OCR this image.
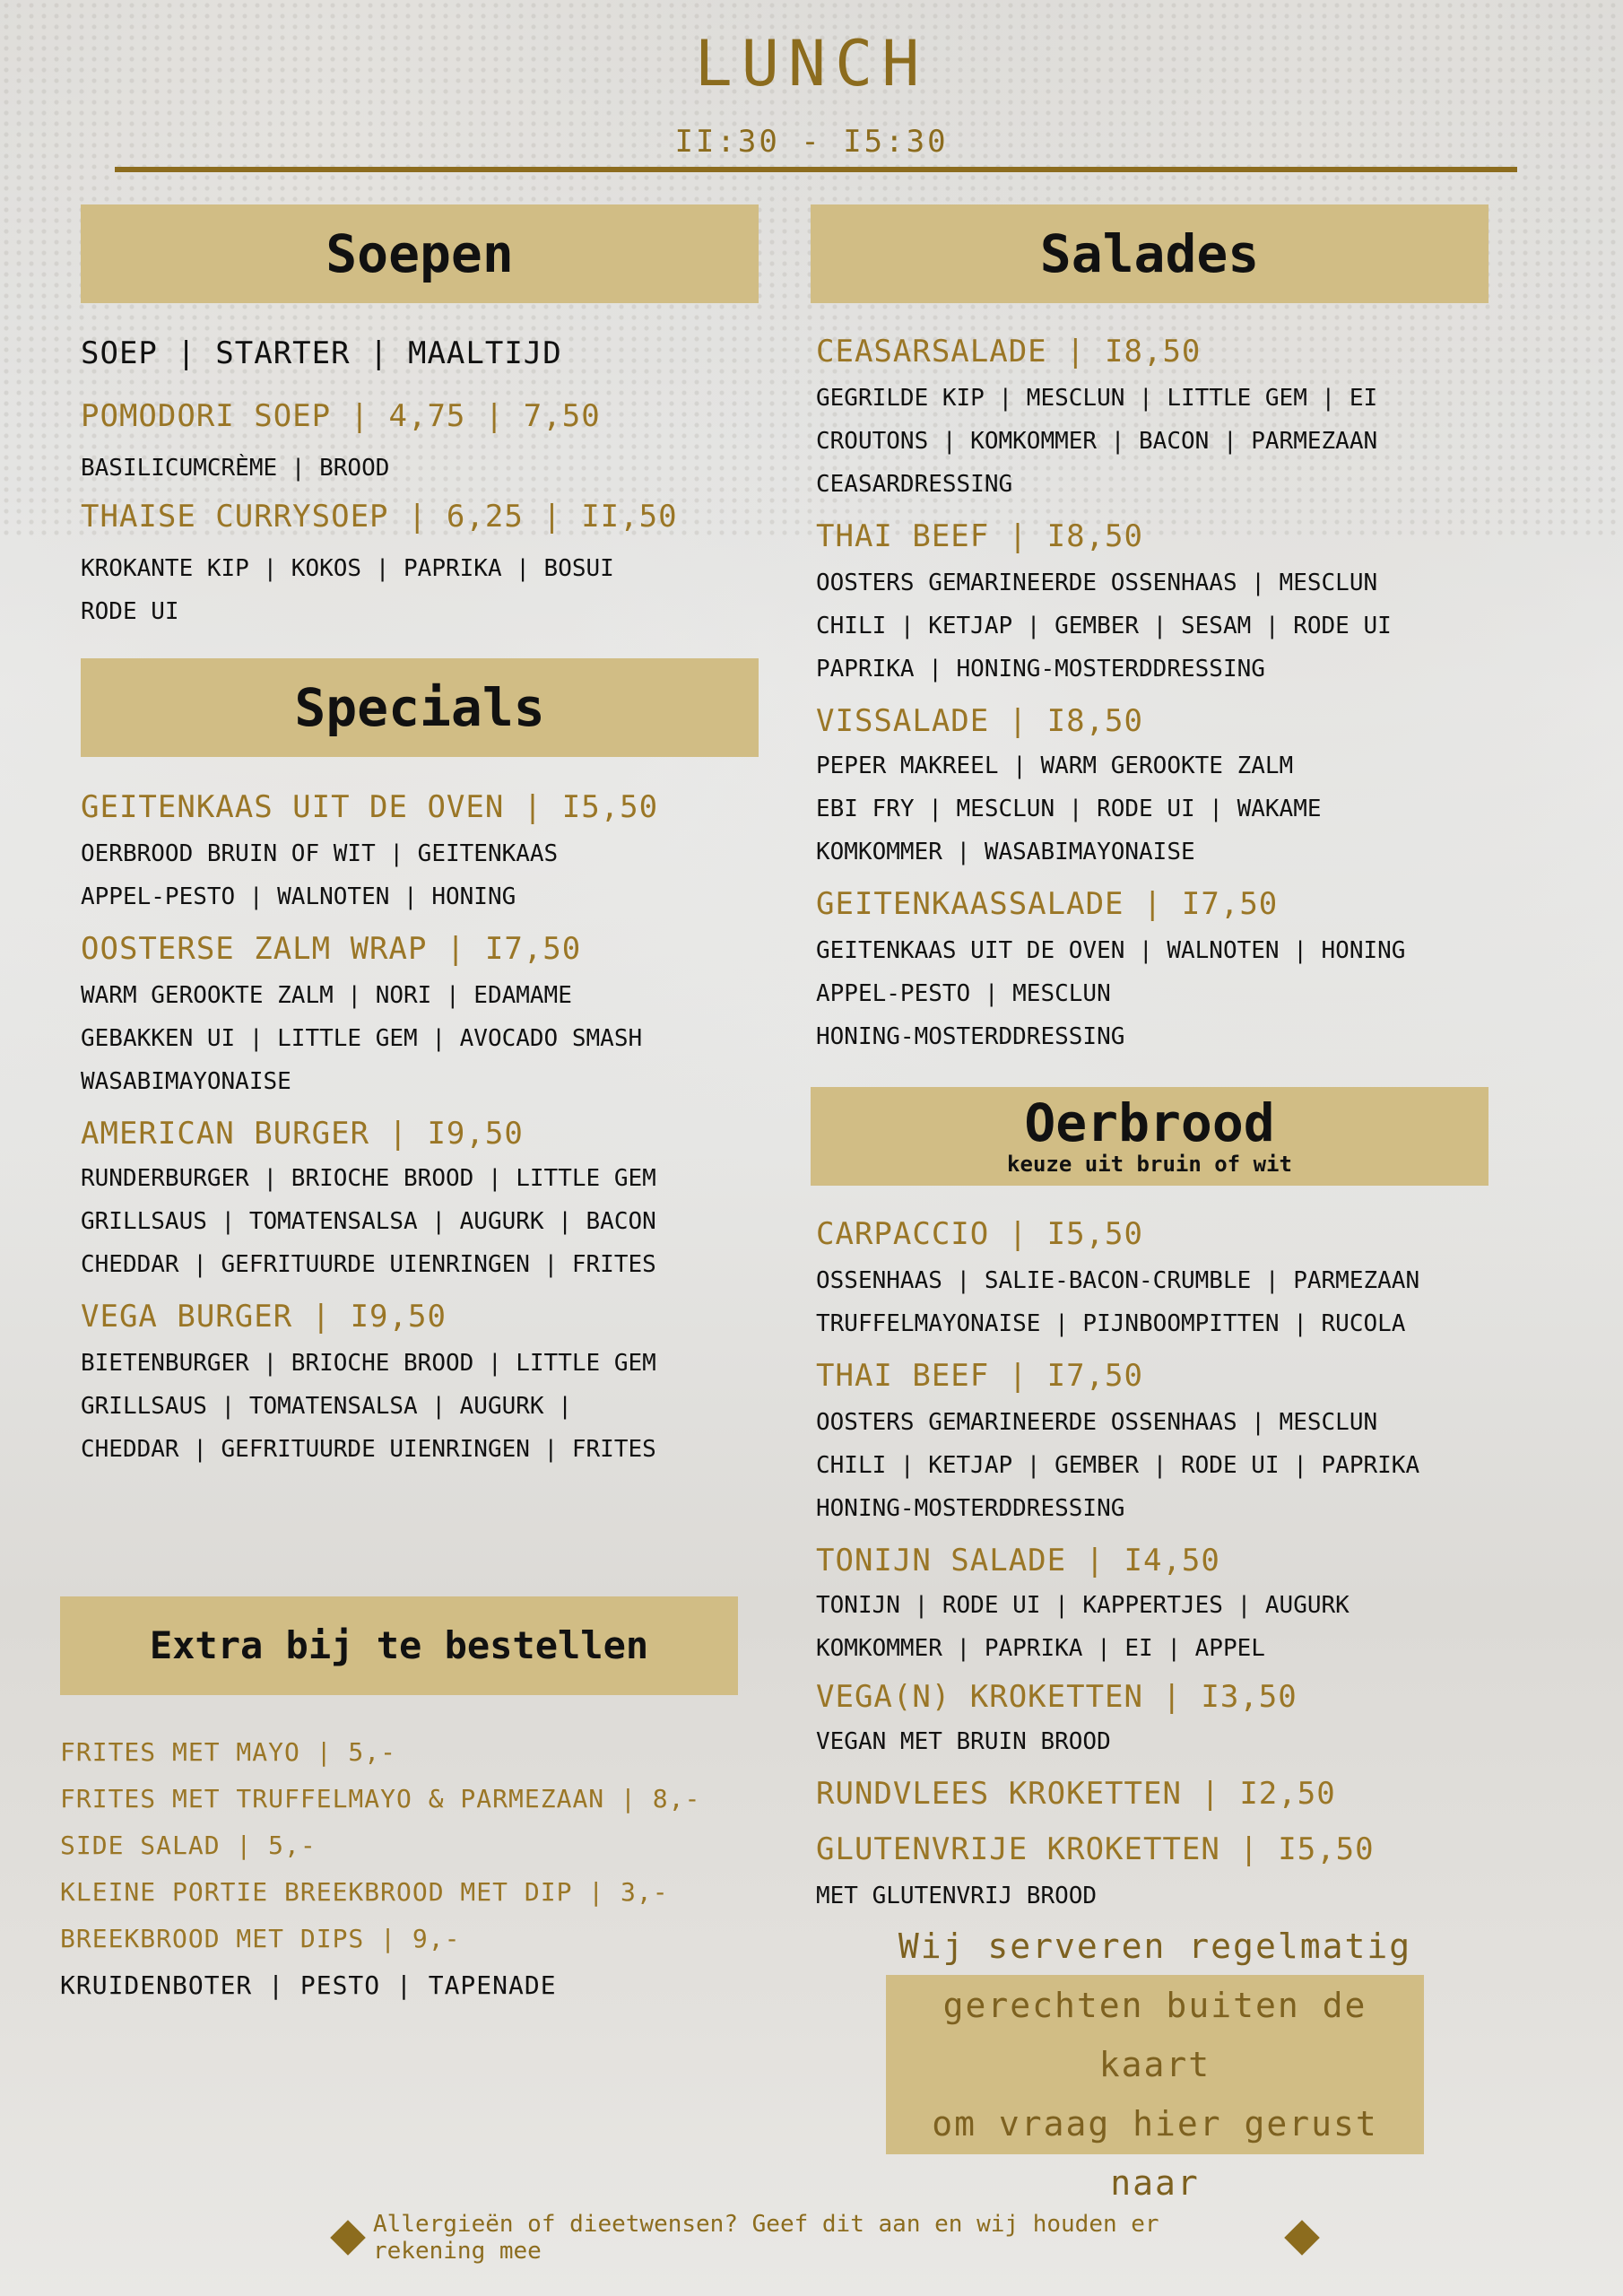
LUNCH
II:30 - I5:30
Soepen
SOEP | STARTER | MAALTIJD
POMODORI SOEP | 4,75 | 7,50
BASILICUMCRÈME | BROOD
THAISE CURRYSOEP | 6,25 | II,50
KROKANTE KIP | KOKOS | PAPRIKA | BOSUI
RODE UI
Specials
GEITENKAAS UIT DE OVEN | I5,50
OERBROOD BRUIN OF WIT | GEITENKAAS
APPEL-PESTO | WALNOTEN | HONING
OOSTERSE ZALM WRAP | I7,50
WARM GEROOKTE ZALM | NORI | EDAMAME
GEBAKKEN UI | LITTLE GEM | AVOCADO SMASH
WASABIMAYONAISE
AMERICAN BURGER | I9,50
RUNDERBURGER | BRIOCHE BROOD | LITTLE GEM
GRILLSAUS | TOMATENSALSA | AUGURK | BACON
CHEDDAR | GEFRITUURDE UIENRINGEN | FRITES
VEGA BURGER | I9,50
BIETENBURGER | BRIOCHE BROOD | LITTLE GEM
GRILLSAUS | TOMATENSALSA | AUGURK |
CHEDDAR | GEFRITUURDE UIENRINGEN | FRITES
Extra bij te bestellen
FRITES MET MAYO | 5,-
FRITES MET TRUFFELMAYO & PARMEZAAN | 8,-
SIDE SALAD | 5,-
KLEINE PORTIE BREEKBROOD MET DIP | 3,-
BREEKBROOD MET DIPS | 9,-
KRUIDENBOTER | PESTO | TAPENADE
Salades
CEASARSALADE | I8,50
GEGRILDE KIP | MESCLUN | LITTLE GEM | EI
CROUTONS | KOMKOMMER | BACON | PARMEZAAN
CEASARDRESSING
THAI BEEF | I8,50
OOSTERS GEMARINEERDE OSSENHAAS | MESCLUN
CHILI | KETJAP | GEMBER | SESAM | RODE UI
PAPRIKA | HONING-MOSTERDDRESSING
VISSALADE | I8,50
PEPER MAKREEL | WARM GEROOKTE ZALM
EBI FRY | MESCLUN | RODE UI | WAKAME
KOMKOMMER | WASABIMAYONAISE
GEITENKAASSALADE | I7,50
GEITENKAAS UIT DE OVEN | WALNOTEN | HONING
APPEL-PESTO | MESCLUN
HONING-MOSTERDDRESSING
Oerbrood
keuze uit bruin of wit
CARPACCIO | I5,50
OSSENHAAS | SALIE-BACON-CRUMBLE | PARMEZAAN
TRUFFELMAYONAISE | PIJNBOOMPITTEN | RUCOLA
THAI BEEF | I7,50
OOSTERS GEMARINEERDE OSSENHAAS | MESCLUN
CHILI | KETJAP | GEMBER | RODE UI | PAPRIKA
HONING-MOSTERDDRESSING
TONIJN SALADE | I4,50
TONIJN | RODE UI | KAPPERTJES | AUGURK
KOMKOMMER | PAPRIKA | EI | APPEL
VEGA(N) KROKETTEN | I3,50
VEGAN MET BRUIN BROOD
RUNDVLEES KROKETTEN | I2,50
GLUTENVRIJE KROKETTEN | I5,50
MET GLUTENVRIJ BROOD
Wij serveren regelmatig
gerechten buiten de kaart
om vraag hier gerust naar
Allergieën of dieetwensen? Geef dit aan en wij houden er rekening mee
